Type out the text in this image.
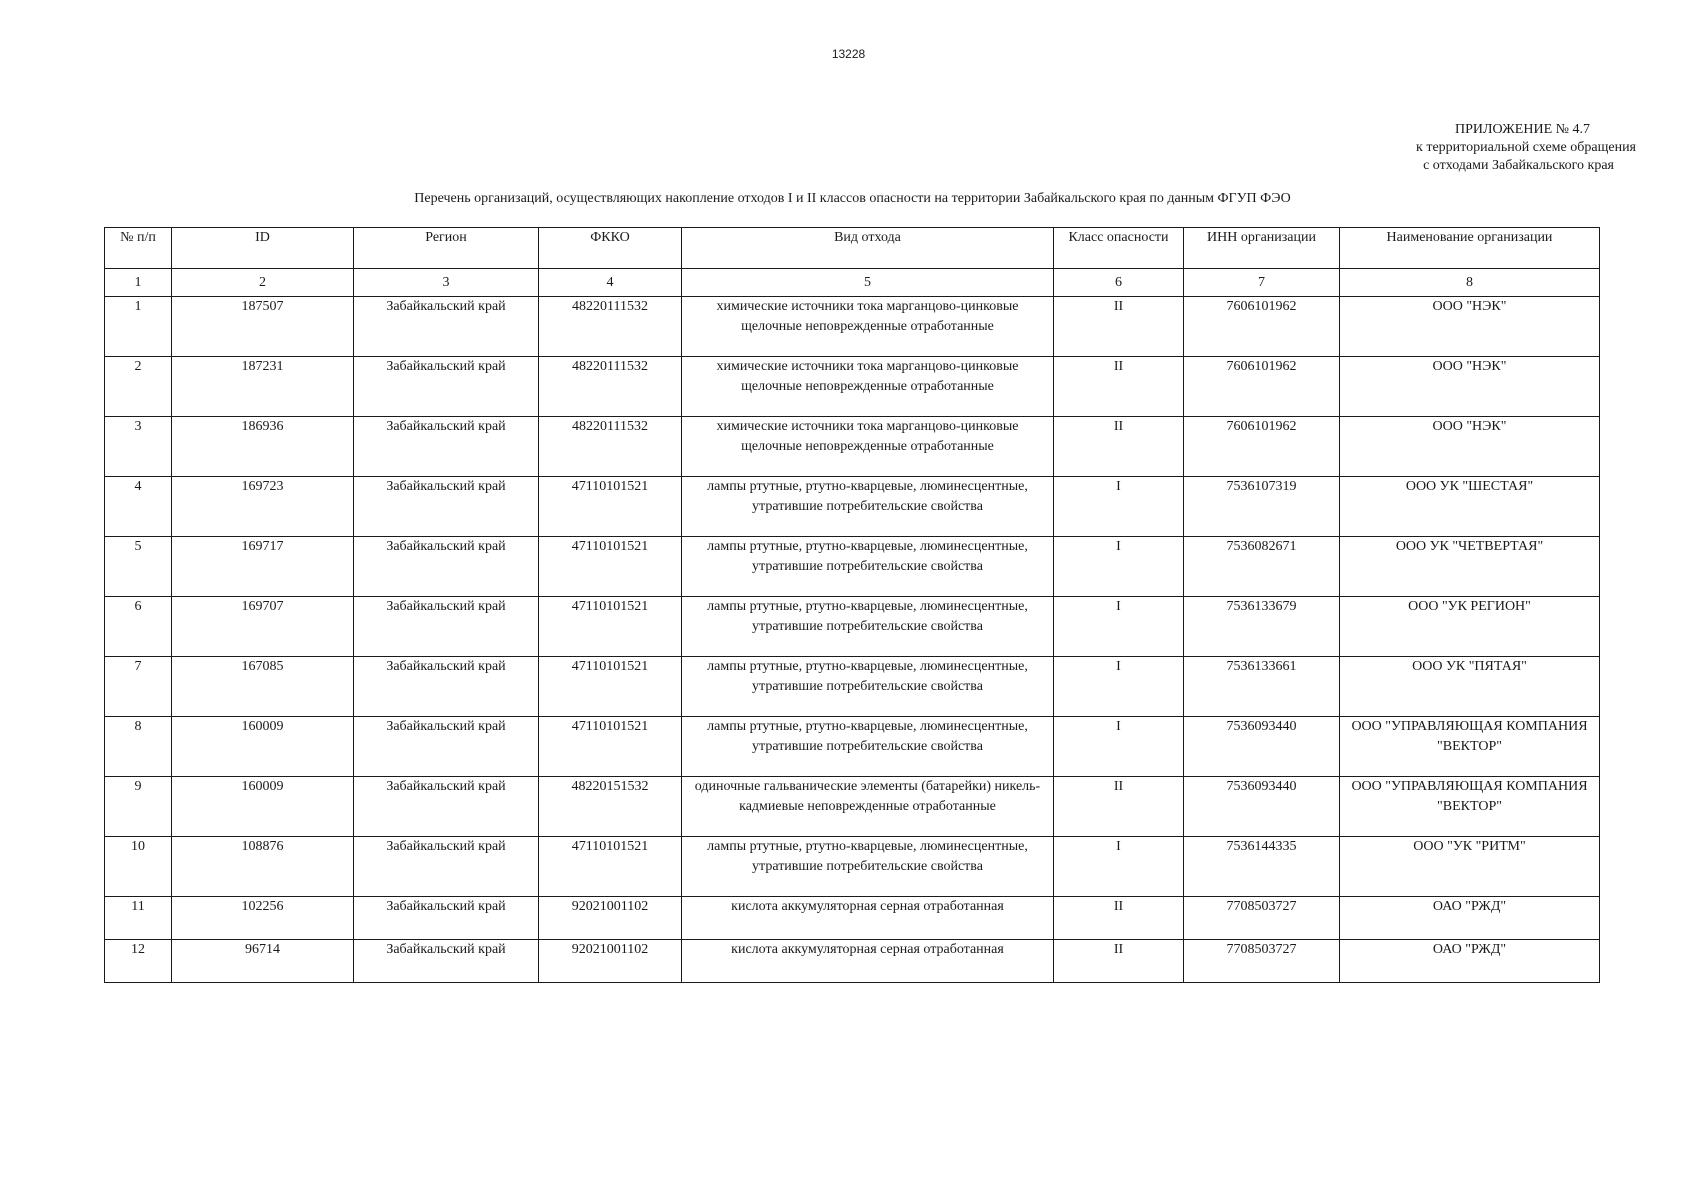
13228
ПРИЛОЖЕНИЕ № 4.7
к территориальной схеме обращения
с отходами Забайкальского края
Перечень организаций, осуществляющих накопление отходов I и II классов опасности на территории Забайкальского края по данным ФГУП ФЭО
№ п/п	ID	Регион	ФККО	Вид отхода	Класс опасности	ИНН организации	Наименование организации
1	2	3	4	5	6	7	8
1	187507	Забайкальский край	48220111532	химические источники тока марганцово-цинковые щелочные неповрежденные отработанные	II	7606101962	ООО "НЭК"
2	187231	Забайкальский край	48220111532	химические источники тока марганцово-цинковые щелочные неповрежденные отработанные	II	7606101962	ООО "НЭК"
3	186936	Забайкальский край	48220111532	химические источники тока марганцово-цинковые щелочные неповрежденные отработанные	II	7606101962	ООО "НЭК"
4	169723	Забайкальский край	47110101521	лампы ртутные, ртутно-кварцевые, люминесцентные, утратившие потребительские свойства	I	7536107319	ООО УК "ШЕСТАЯ"
5	169717	Забайкальский край	47110101521	лампы ртутные, ртутно-кварцевые, люминесцентные, утратившие потребительские свойства	I	7536082671	ООО УК "ЧЕТВЕРТАЯ"
6	169707	Забайкальский край	47110101521	лампы ртутные, ртутно-кварцевые, люминесцентные, утратившие потребительские свойства	I	7536133679	ООО "УК РЕГИОН"
7	167085	Забайкальский край	47110101521	лампы ртутные, ртутно-кварцевые, люминесцентные, утратившие потребительские свойства	I	7536133661	ООО УК "ПЯТАЯ"
8	160009	Забайкальский край	47110101521	лампы ртутные, ртутно-кварцевые, люминесцентные, утратившие потребительские свойства	I	7536093440	ООО "УПРАВЛЯЮЩАЯ КОМПАНИЯ "ВЕКТОР"
9	160009	Забайкальский край	48220151532	одиночные гальванические элементы (батарейки) никель-кадмиевые неповрежденные отработанные	II	7536093440	ООО "УПРАВЛЯЮЩАЯ КОМПАНИЯ "ВЕКТОР"
10	108876	Забайкальский край	47110101521	лампы ртутные, ртутно-кварцевые, люминесцентные, утратившие потребительские свойства	I	7536144335	ООО "УК "РИТМ"
11	102256	Забайкальский край	92021001102	кислота аккумуляторная серная отработанная	II	7708503727	ОАО "РЖД"
12	96714	Забайкальский край	92021001102	кислота аккумуляторная серная отработанная	II	7708503727	ОАО "РЖД"
